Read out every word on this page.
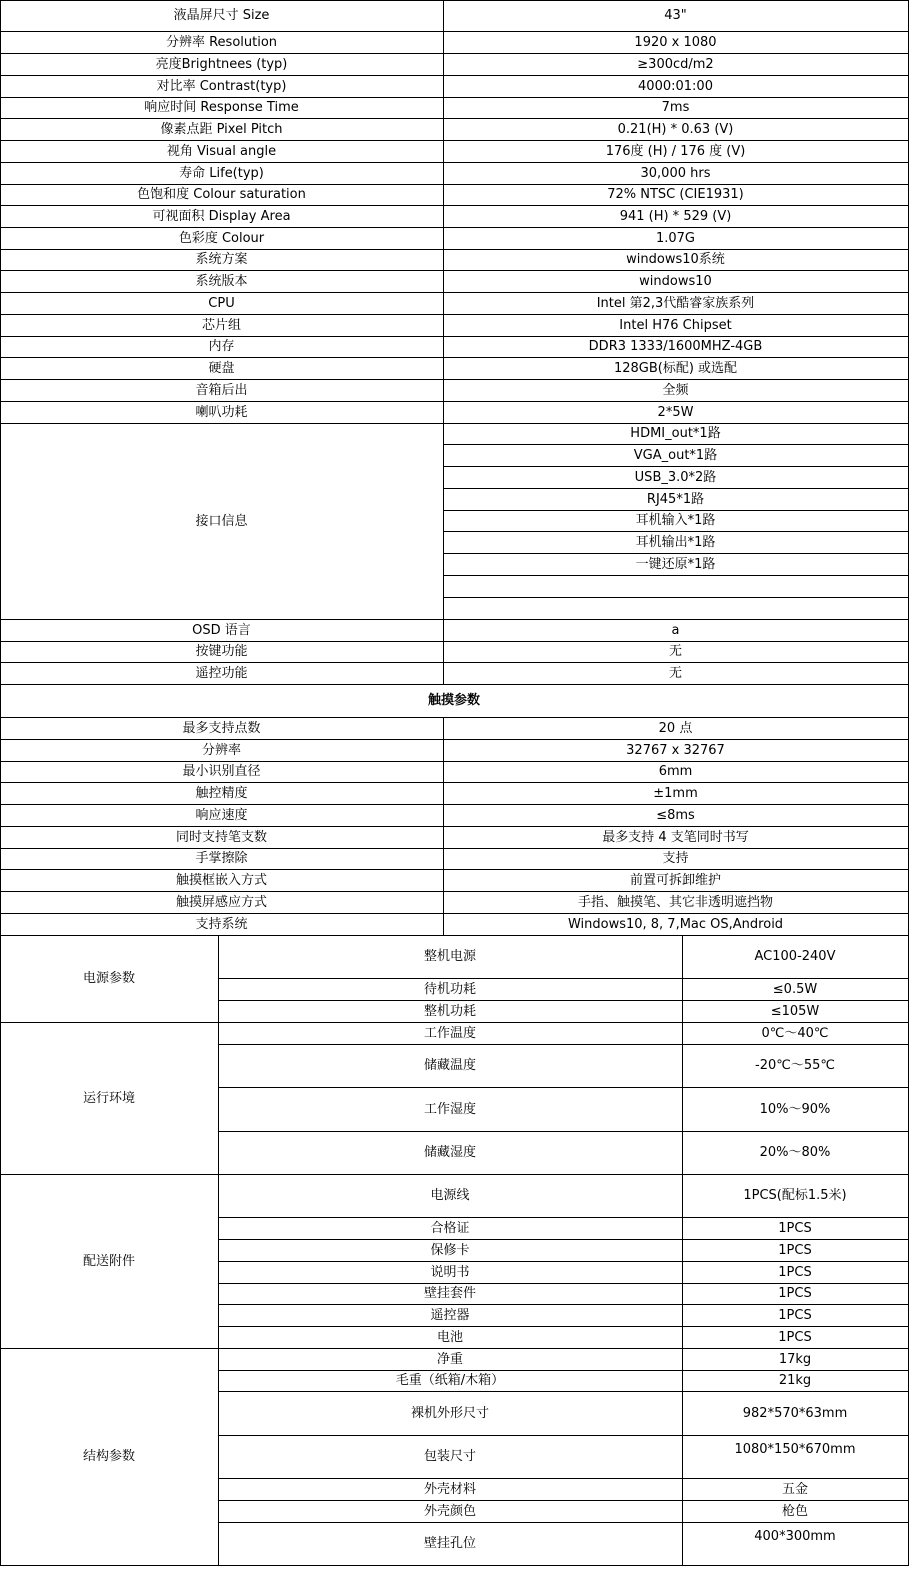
液晶屏尺寸 Size	43"
分辨率 Resolution	1920 x 1080
亮度Brightnees (typ)	≥300cd/m2
对比率 Contrast(typ)	4000:01:00
响应时间 Response Time	7ms
像素点距 Pixel Pitch	0.21(H) * 0.63 (V)
视角 Visual angle	176度 (H) / 176 度 (V)
寿命 Life(typ)	30,000 hrs
色饱和度 Colour saturation	72% NTSC (CIE1931)
可视面积 Display Area	941 (H) * 529 (V)
色彩度 Colour	1.07G
系统方案	windows10系统
系统版本	windows10
CPU	Intel 第2,3代酷睿家族系列
芯片组	Intel H76 Chipset
内存	DDR3 1333/1600MHZ-4GB
硬盘	128GB(标配) 或选配
音箱后出	全频
喇叭功耗	2*5W
接口信息
HDMI_out*1路
VGA_out*1路
USB_3.0*2路
RJ45*1路
耳机输入*1路
耳机输出*1路
一键还原*1路
OSD 语言	a
按键功能	无
遥控功能	无
触摸参数
最多支持点数	20 点
分辨率	32767 x 32767
最小识别直径	6mm
触控精度	±1mm
响应速度	≤8ms
同时支持笔支数	最多支持 4 支笔同时书写
手掌擦除	支持
触摸框嵌入方式	前置可拆卸维护
触摸屏感应方式	手指、触摸笔、其它非透明遮挡物
支持系统	Windows10, 8, 7,Mac OS,Android
电源参数
整机电源	AC100-240V
待机功耗	≤0.5W
整机功耗	≤105W
运行环境
工作温度	0℃～40℃
储藏温度	-20℃～55℃
工作湿度	10%～90%
储藏湿度	20%～80%
配送附件
电源线	1PCS(配标1.5米)
合格证	1PCS
保修卡	1PCS
说明书	1PCS
壁挂套件	1PCS
遥控器	1PCS
电池	1PCS
结构参数
净重	17kg
毛重（纸箱/木箱）	21kg
裸机外形尺寸	982*570*63mm
包装尺寸	1080*150*670mm
外壳材料	五金
外壳颜色	枪色
壁挂孔位	400*300mm
